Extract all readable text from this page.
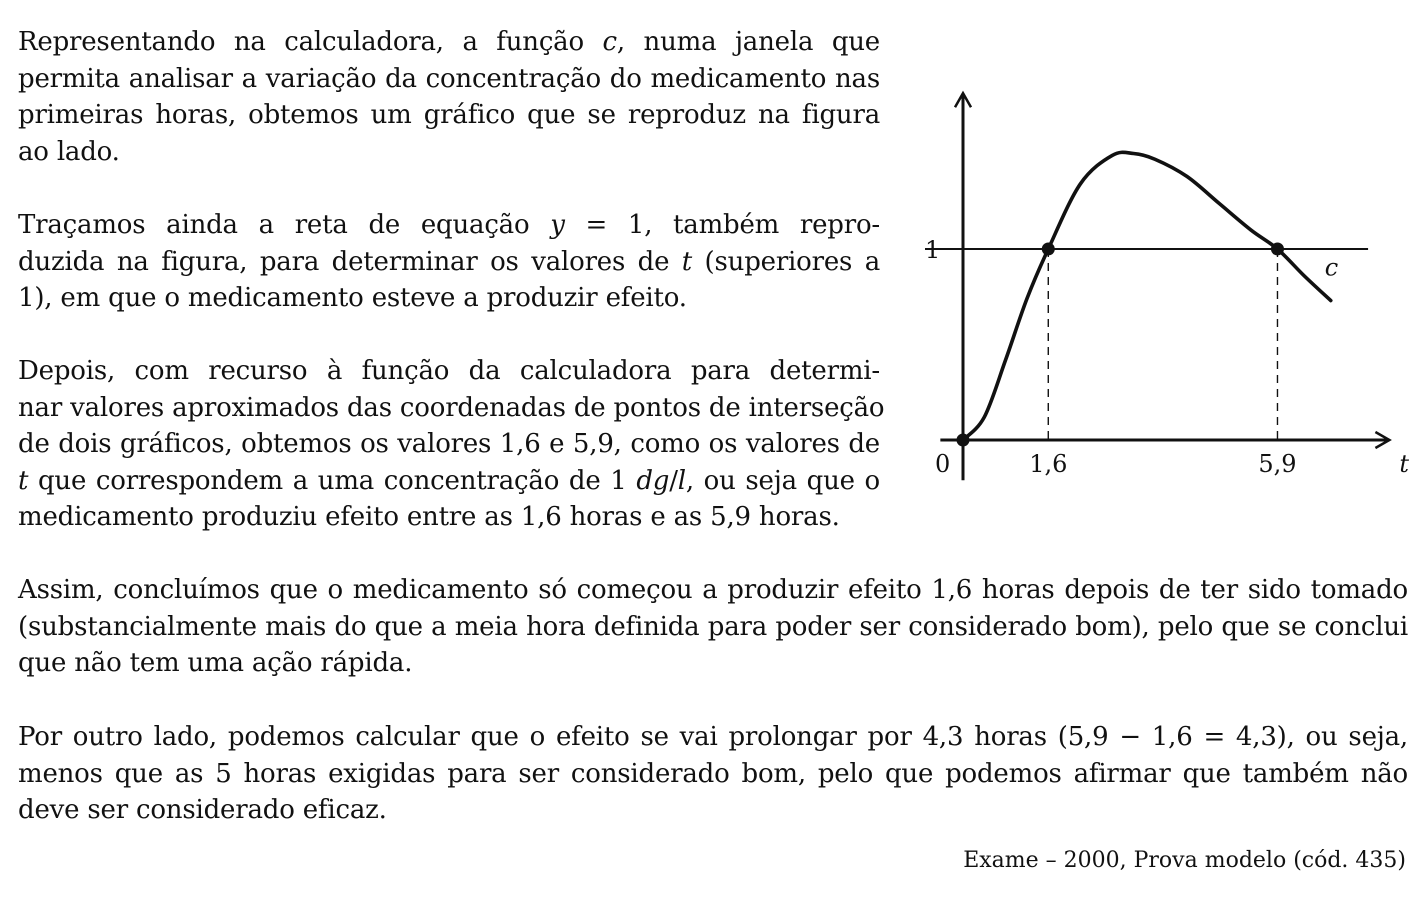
Representando na calculadora, a função c, numa janela que
permita analisar a variação da concentração do medicamento nas
primeiras horas, obtemos um gráfico que se reproduz na figura
ao lado.
Traçamos ainda a reta de equação y = 1, também repro-
duzida na figura, para determinar os valores de t (superiores a
1), em que o medicamento esteve a produzir efeito.
Depois, com recurso à função da calculadora para determi-
nar valores aproximados das coordenadas de pontos de interseção
de dois gráficos, obtemos os valores 1,6 e 5,9, como os valores de
t que correspondem a uma concentração de 1 dg/l, ou seja que o
medicamento produziu efeito entre as 1,6 horas e as 5,9 horas.
Assim, concluímos que o medicamento só começou a produzir efeito 1,6 horas depois de ter sido tomado
(substancialmente mais do que a meia hora definida para poder ser considerado bom), pelo que se conclui
que não tem uma ação rápida.
Por outro lado, podemos calcular que o efeito se vai prolongar por 4,3 horas (5,9 − 1,6 = 4,3), ou seja,
menos que as 5 horas exigidas para ser considerado bom, pelo que podemos afirmar que também não
deve ser considerado eficaz.
Exame – 2000, Prova modelo (cód. 435)
0
1
1,6	5,9	t
c
